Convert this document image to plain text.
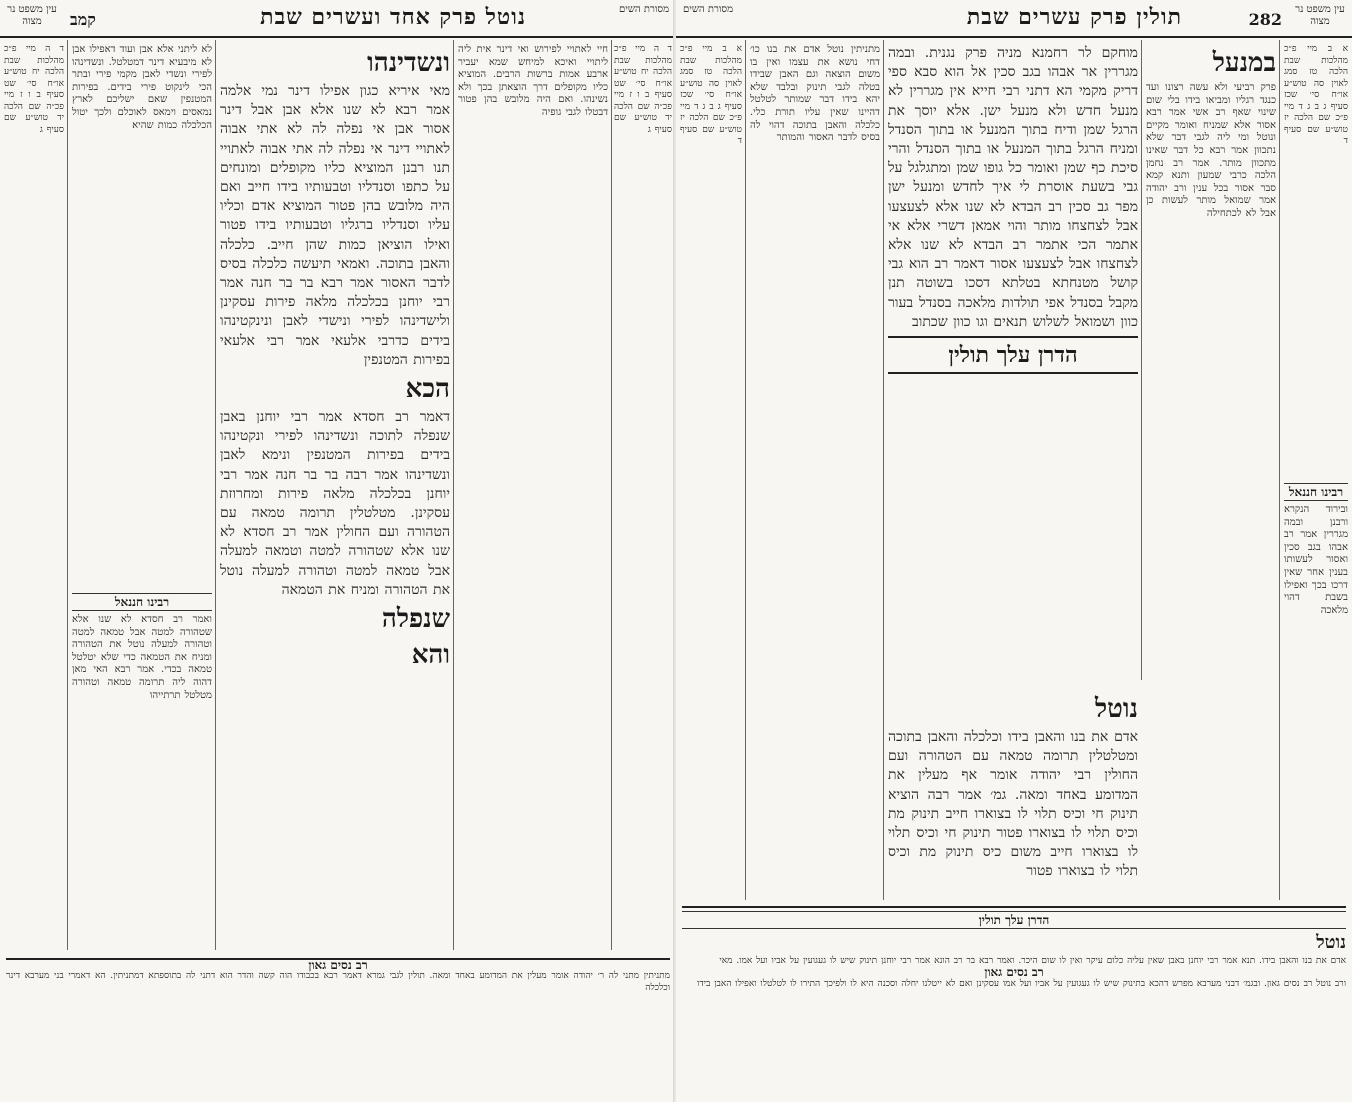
מסורת השים
נוטל פרק אחד ועשרים שבת
קמב
עין משפט נר מצוה
ד ה מיי פ״כ מהלכות שבת הלכה יח טוש״ע או״ח סי׳ שט סעיף ב ו ז מיי פכ״ה שם הלכה יד טוש״ע שם סעיף ג
חיי לאתויי לפירוש ואי דינר אית ליה ליתויי ואיכא למיחש שמא יעביר ארבע אמות ברשות הרבים. המוציא כליו מקופלים דרך הוצאתן בכך ולא נשינהו. ואם היה מלובש בהן פטור דבטלו לגבי גופיה
ונשדינהו
מאי איריא כגון אפילו דינר נמי אלמה אמר רבא לא שנו אלא אבן אבל דינר אסור אבן אי נפלה לה לא אתי אבוה לאתויי דינר אי נפלה לה אתי אבוה לאתויי תנו רבנן המוציא כליו מקופלים ומונחים על כתפו וסנדליו וטבעותיו בידו חייב ואם היה מלובש בהן פטור המוציא אדם וכליו עליו וסנדליו ברגליו וטבעותיו בידו פטור ואילו הוציאן כמות שהן חייב. כלכלה והאבן בתוכה. ואמאי תיעשה כלכלה בסיס לדבר האסור אמר רבא בר בר חנה אמר רבי יוחנן בכלכלה מלאה פירות עסקינן ולישדינהו לפירי ונישדי לאבן ונינקטינהו בידים כדרבי אלעאי אמר רבי אלעאי בפירות המטנפין
הכא
דאמר רב חסדא אמר רבי יוחנן באבן שנפלה לתוכה ונשדינהו לפירי ונקטינהו בידים בפירות המטנפין ונימא לאבן ונשדינהו אמר רבה בר בר חנה אמר רבי יוחנן בכלכלה מלאה פירות ומחרוזת עסקינן. מטלטלין תרומה טמאה עם הטהורה ועם החולין אמר רב חסדא לא שנו אלא שטהורה למטה וטמאה למעלה אבל טמאה למטה וטהורה למעלה נוטל את הטהורה ומניח את הטמאה
שנפלה
והא
לא ליתני אלא אבן ועוד דאפילו אבן לא מיבעיא דינר דמטלטל. ונשדינהו לפירי ונשדי לאבן מקמי פירי ובתר הכי לינקוט פירי בידים. בפירות המטנפין שאם ישליכם לארץ נמאסים וימאס לאוכלם ולכך יטול הכלכלה כמות שהיא
רבינו חננאל
ואמר רב חסדא לא שנו אלא שטהורה למטה אבל טמאה למטה וטהורה למעלה נוטל את הטהורה ומניח את הטמאה כדי שלא יטלטל טמאה בכדי. אמר רבא האי מאן דהוה ליה תרומה טמאה וטהורה מטלטל תרתייהו
ד ה מיי פ״כ מהלכות שבת הלכה יח טוש״ע או״ח סי׳ שט סעיף ב ו ז מיי פכ״ה שם הלכה יד טוש״ע שם סעיף ג
רב נסים גאון
מתניתין מתני לה ר׳ יהודה אומר מעלין את המדומע באחד ומאה. תולין לגבי גמרא דאמר רבא בכבודו הוה קשה והדר הוא דתני לה בתוספתא דמתניתין. הא דאמרי בני מערבא דינר וכלכלה
עין משפט נר מצוה
282
תולין פרק עשרים שבת
מסורת השים
א ב מיי פ״כ מהלכות שבת הלכה טז סמג לאוין סה טוש״ע או״ח סי׳ שכז סעיף ג ב ג ד מיי פ״כ שם הלכה יז טוש״ע שם סעיף ד
רבינו חננאל
ובירוד הנקרא ורבנן ובמה מגררין אמר רב אבהו בגב סכין ואסור לעשותו בענין אחר שאין דרכו בכך ואפילו בשבת דהוי מלאכה
במנעל
פרק רביעי ולא עשה רצונו ועד כנגד רגליו ומביאו בידו בלי שום שינוי שאף רב אשי אמר רבא אסור אלא שמניח ואומר מקיים ונוטל ומי ליה לגבי דבר שלא נתכוון אמר רבא כל דבר שאינו מתכוון מותר. אמר רב נחמן הלכה כרבי שמעון ותנא קמא סבר אסור בכל ענין ורב יהודה אמר שמואל מותר לעשות כן אבל לא לכתחילה
מוחקם לר רחמנא מניה פרק נגנית. ובמה מגררין אר אבהו בגב סכין אל הוא סבא ספי דריק מקמי הא דתני רבי חייא אין מגררין לא מנעל חדש ולא מנעל ישן. אלא יוסך את הרגל שמן ודיח בתוך המנעל או בתוך הסנדל ומניח הרגל בתוך המנעל או בתוך הסנדל והרי סיכת כף שמן ואומר כל גופו שמן ומתגלגל על גבי בשעת אוסרת לי איך לחדש ומנעל ישן מפר גב סכין רב הבדא לא שנו אלא לצעצעו אבל לצחצחו מותר והוי אמאן דשרי אלא אי אתמר הכי אתמר רב הבדא לא שנו אלא לצחצחו אבל לצעצעו אסור דאמר רב הוא גבי קושל מטנחתא בטלתא דסכו בשוטה תנן מקבל בסנדל אפי תולדות מלאכה בסנדל בעור כוון ושמואל לשלוש תנאים וגו כוון שכתוב
הדרן עלך תולין
מתניתין נוטל אדם את בנו כו׳ דחי נושא את עצמו ואין בו משום הוצאה וגם האבן שבידו בטלה לגבי תינוק ובלבד שלא יהא בידו דבר שמותר לטלטל דהיינו שאין עליו תורת כלי. כלכלה והאבן בתוכה דהוי לה בסיס לדבר האסור והמותר
א ב מיי פ״כ מהלכות שבת הלכה טז סמג לאוין סה טוש״ע או״ח סי׳ שכז סעיף ג ב ג ד מיי פ״כ שם הלכה יז טוש״ע שם סעיף ד
נוטל
אדם את בנו והאבן בידו וכלכלה והאבן בתוכה ומטלטלין תרומה טמאה עם הטהורה ועם החולין רבי יהודה אומר אף מעלין את המדומע באחד ומאה. גמ׳ אמר רבה הוציא תינוק חי וכיס תלוי לו בצוארו חייב תינוק מת וכיס תלוי לו בצוארו פטור תינוק חי וכיס תלוי לו בצוארו חייב משום כיס תינוק מת וכיס תלוי לו בצוארו פטור
הדרן עלך תולין
נוטל
אדם את בנו והאבן בידו. תנא אמר רבי יוחנן באבן שאין עליה כלום עיקר ואין לו שום היכר. ואמר רבא בר רב הונא אמר רבי יוחנן תינוק שיש לו געגועין על אביו ועל אמו. מאי
רב נסים גאון
ורב נוטל רב נסים גאון. ובגמ׳ דבני מערבא מפרש דהכא בתינוק שיש לו געגועין על אביו ועל אמו עסקינן ואם לא ייטלנו יחלה וסכנה היא לו ולפיכך התירו לו לטלטלו ואפילו האבן בידו
